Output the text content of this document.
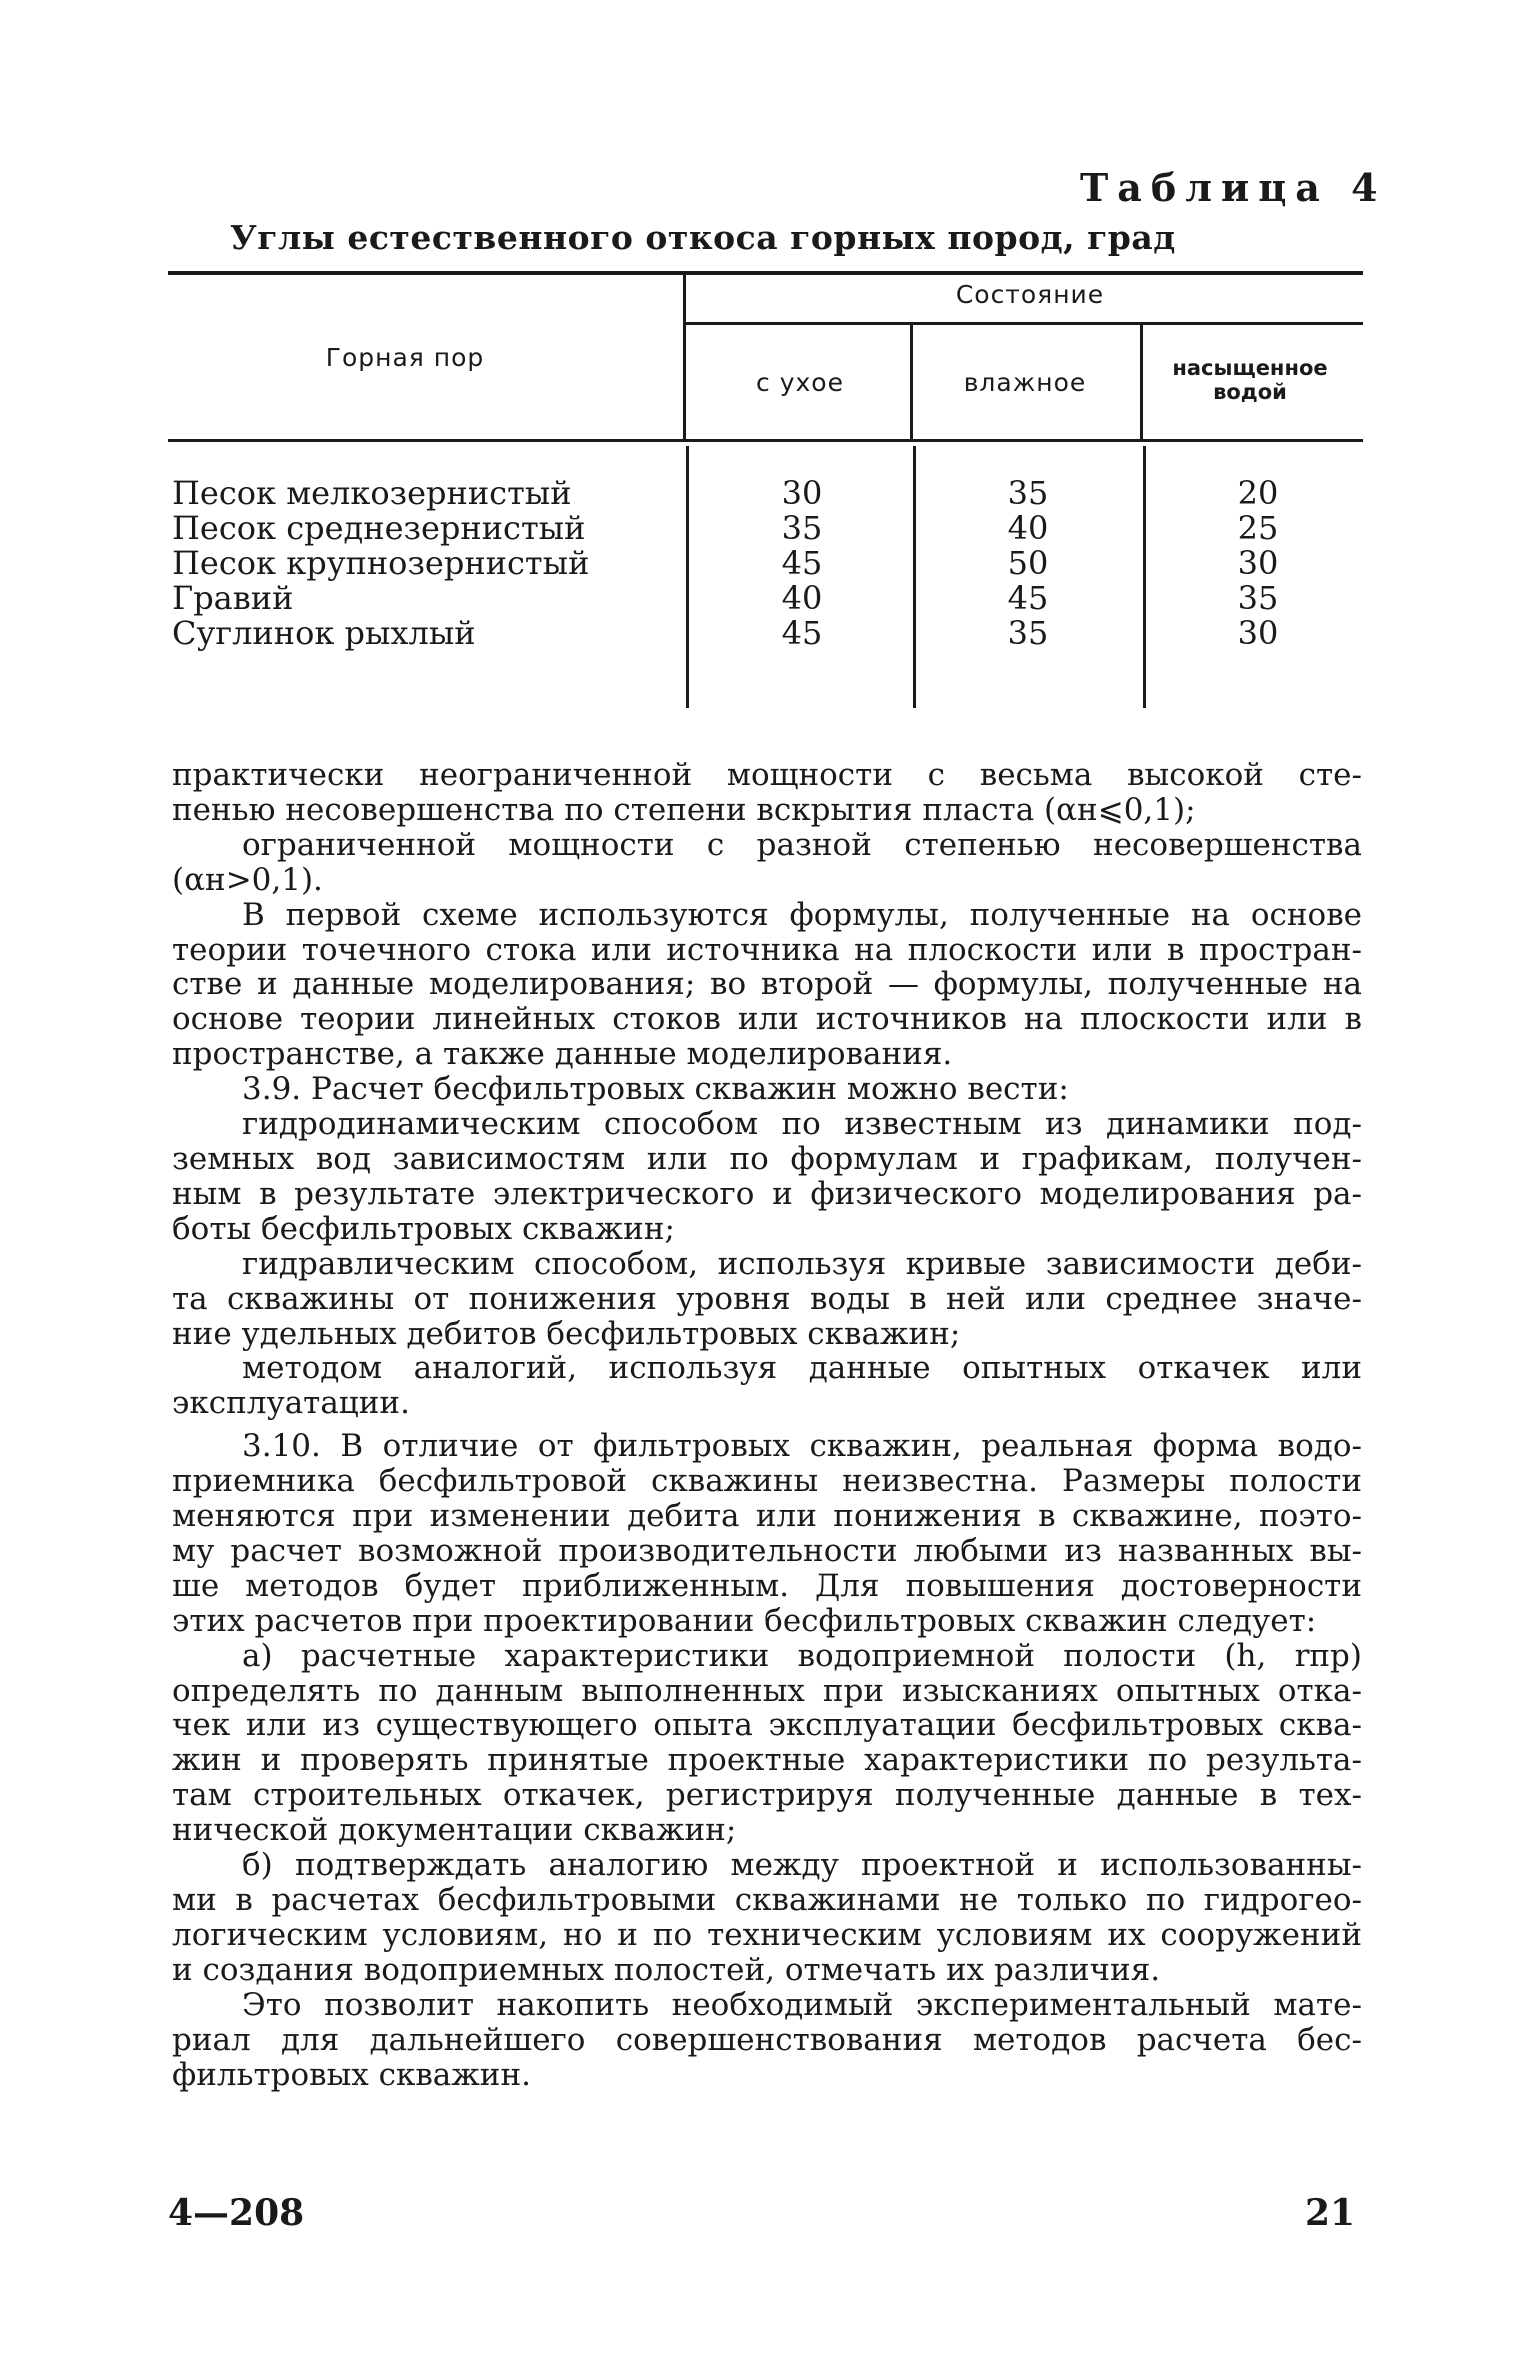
Таблица 4
Углы естественного откоса горных пород, град
Горная пор
Состояние
с ухое	влажное	насыщенное
водой
Песок мелкозернистый	30	35	20
Песок среднезернистый	35	40	25
Песок крупнозернистый	45	50	30
Гравий	40	45	35
Суглинок рыхлый	45	35	30
практически неограниченной мощности с весьма высокой сте-
пенью несовершенства по степени вскрытия пласта (αн⩽0,1);
ограниченной мощности с разной степенью несовершенства
(αн>0,1).
В первой схеме используются формулы, полученные на основе
теории точечного стока или источника на плоскости или в простран-
стве и данные моделирования; во второй — формулы, полученные на
основе теории линейных стоков или источников на плоскости или в
пространстве, а также данные моделирования.
3.9. Расчет бесфильтровых скважин можно вести:
гидродинамическим способом по известным из динамики под-
земных вод зависимостям или по формулам и графикам, получен-
ным в результате электрического и физического моделирования ра-
боты бесфильтровых скважин;
гидравлическим способом, используя кривые зависимости деби-
та скважины от понижения уровня воды в ней или среднее значе-
ние удельных дебитов бесфильтровых скважин;
методом аналогий, используя данные опытных откачек или
эксплуатации.
3.10. В отличие от фильтровых скважин, реальная форма водо-
приемника бесфильтровой скважины неизвестна. Размеры полости
меняются при изменении дебита или понижения в скважине, поэто-
му расчет возможной производительности любыми из названных вы-
ше методов будет приближенным. Для повышения достоверности
этих расчетов при проектировании бесфильтровых скважин следует:
а) расчетные характеристики водоприемной полости (h, rпр)
определять по данным выполненных при изысканиях опытных отка-
чек или из существующего опыта эксплуатации бесфильтровых сква-
жин и проверять принятые проектные характеристики по результа-
там строительных откачек, регистрируя полученные данные в тех-
нической документации скважин;
б) подтверждать аналогию между проектной и использованны-
ми в расчетах бесфильтровыми скважинами не только по гидрогео-
логическим условиям, но и по техническим условиям их сооружений
и создания водоприемных полостей, отмечать их различия.
Это позволит накопить необходимый экспериментальный мате-
риал для дальнейшего совершенствования методов расчета бес-
фильтровых скважин.
4—208	21
